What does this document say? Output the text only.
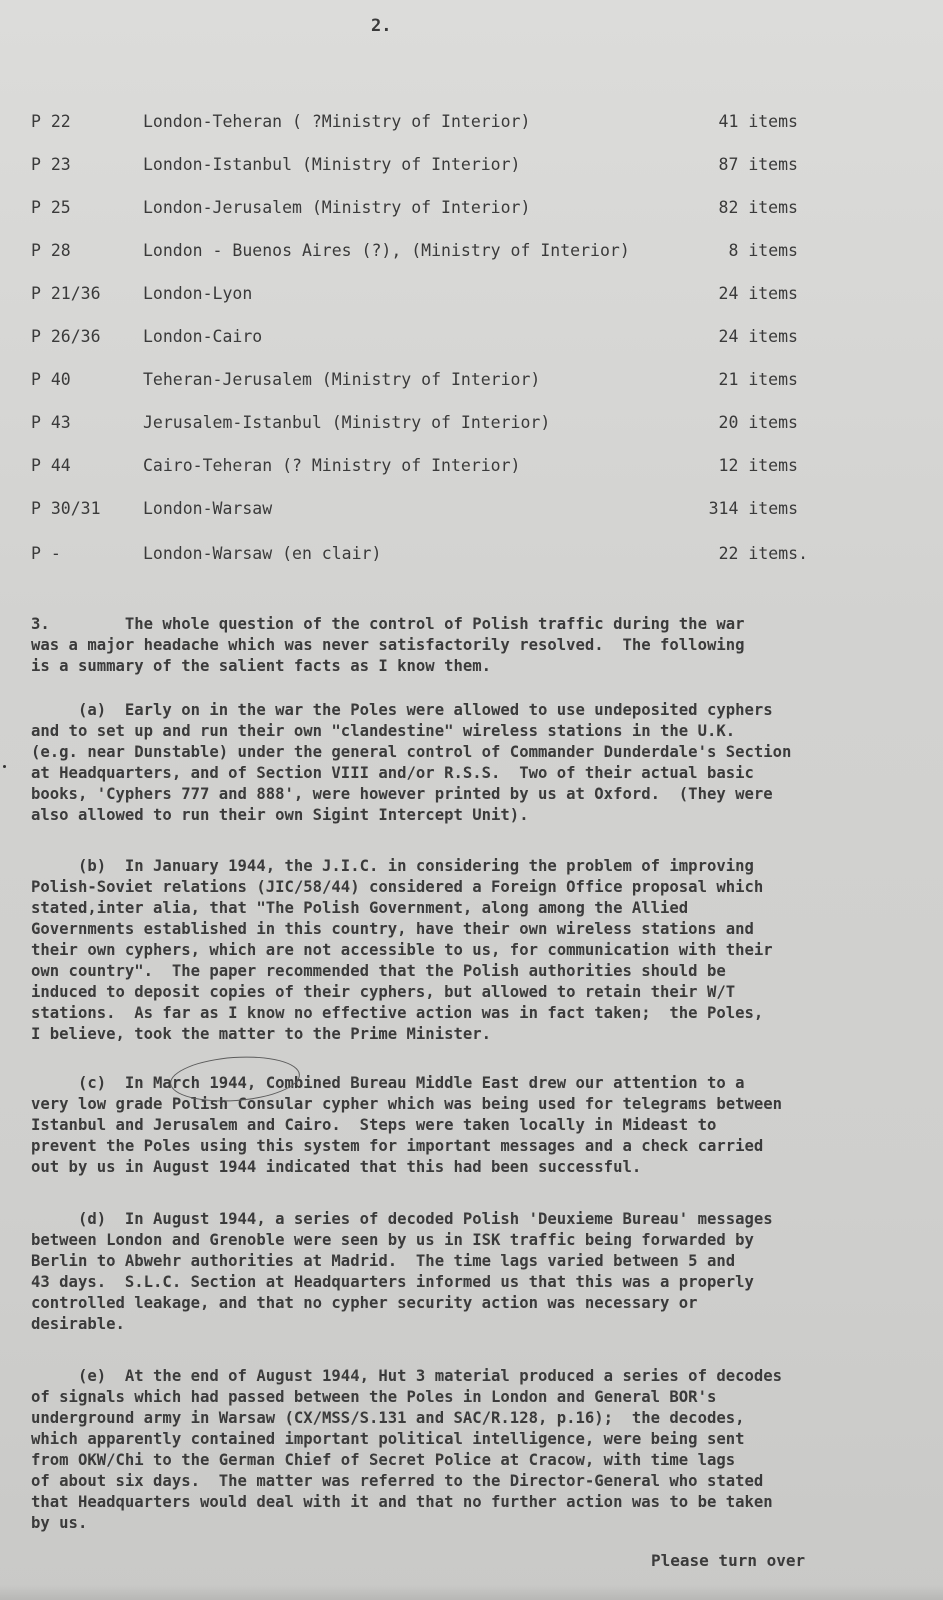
2.
P 22	London-Teheran ( ?Ministry of Interior)	41 items
P 23	London-Istanbul (Ministry of Interior)	87 items
P 25	London-Jerusalem (Ministry of Interior)	82 items
P 28	London - Buenos Aires (?), (Ministry of Interior)	8 items
P 21/36	London-Lyon	24 items
P 26/36	London-Cairo	24 items
P 40	Teheran-Jerusalem (Ministry of Interior)	21 items
P 43	Jerusalem-Istanbul (Ministry of Interior)	20 items
P 44	Cairo-Teheran (? Ministry of Interior)	12 items
P 30/31	London-Warsaw	314 items
P -	London-Warsaw (en clair)	22 items.

3.        The whole question of the control of Polish traffic during the war
was a major headache which was never satisfactorily resolved.  The following
is a summary of the salient facts as I know them.

(a)  Early on in the war the Poles were allowed to use undeposited cyphers
and to set up and run their own "clandestine" wireless stations in the U.K.
(e.g. near Dunstable) under the general control of Commander Dunderdale's Section
at Headquarters, and of Section VIII and/or R.S.S.  Two of their actual basic
books, 'Cyphers 777 and 888', were however printed by us at Oxford.  (They were
also allowed to run their own Sigint Intercept Unit).

(b)  In January 1944, the J.I.C. in considering the problem of improving
Polish-Soviet relations (JIC/58/44) considered a Foreign Office proposal which
stated,inter alia, that "The Polish Government, along among the Allied
Governments established in this country, have their own wireless stations and
their own cyphers, which are not accessible to us, for communication with their
own country".  The paper recommended that the Polish authorities should be
induced to deposit copies of their cyphers, but allowed to retain their W/T
stations.  As far as I know no effective action was in fact taken;  the Poles,
I believe, took the matter to the Prime Minister.

(c)  In March 1944, Combined Bureau Middle East drew our attention to a
very low grade Polish Consular cypher which was being used for telegrams between
Istanbul and Jerusalem and Cairo.  Steps were taken locally in Mideast to
prevent the Poles using this system for important messages and a check carried
out by us in August 1944 indicated that this had been successful.

(d)  In August 1944, a series of decoded Polish 'Deuxieme Bureau' messages
between London and Grenoble were seen by us in ISK traffic being forwarded by
Berlin to Abwehr authorities at Madrid.  The time lags varied between 5 and
43 days.  S.L.C. Section at Headquarters informed us that this was a properly
controlled leakage, and that no cypher security action was necessary or
desirable.

(e)  At the end of August 1944, Hut 3 material produced a series of decodes
of signals which had passed between the Poles in London and General BOR's
underground army in Warsaw (CX/MSS/S.131 and SAC/R.128, p.16);  the decodes,
which apparently contained important political intelligence, were being sent
from OKW/Chi to the German Chief of Secret Police at Cracow, with time lags
of about six days.  The matter was referred to the Director-General who stated
that Headquarters would deal with it and that no further action was to be taken
by us.

Please turn over
